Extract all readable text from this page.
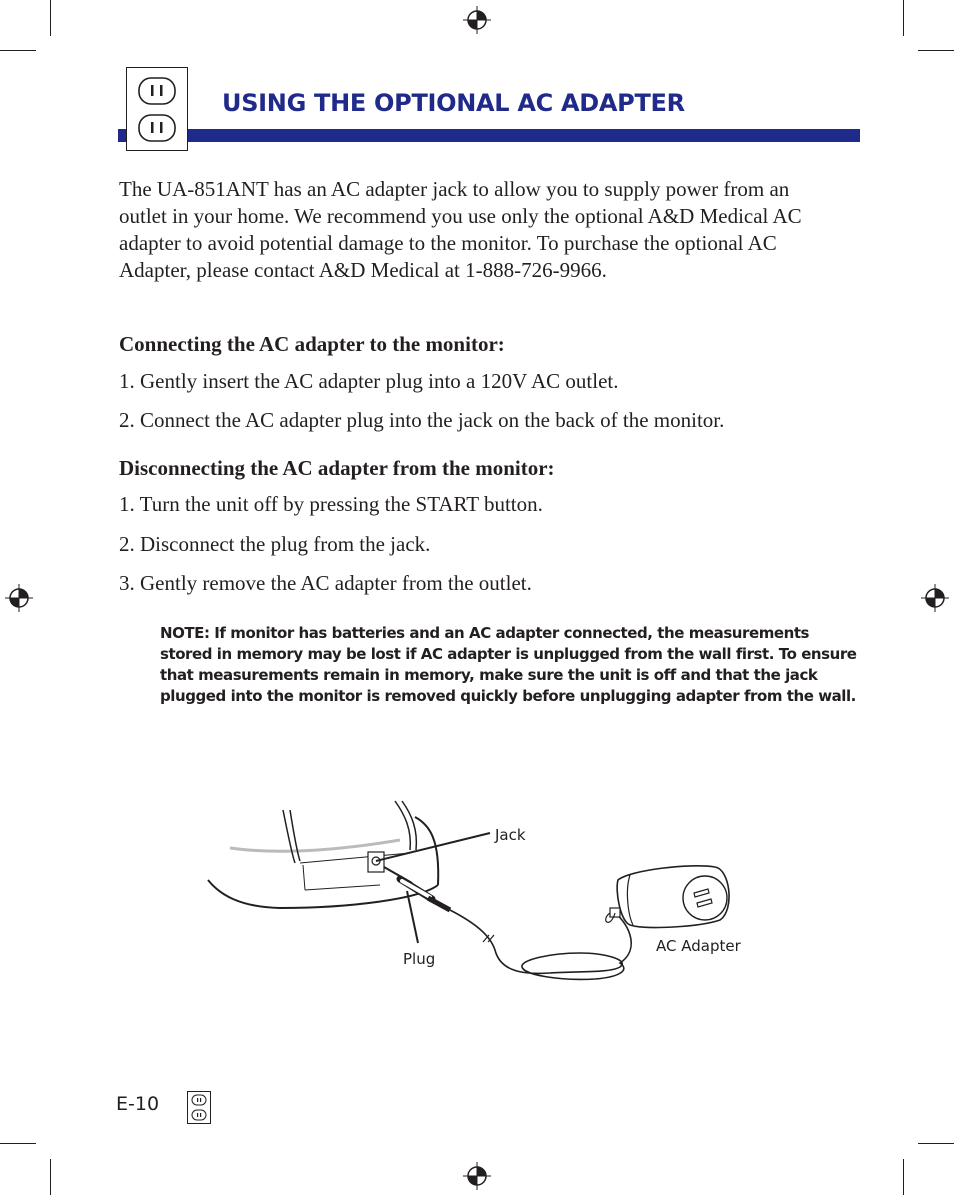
USING THE OPTIONAL AC ADAPTER
The UA-851ANT has an AC adapter jack to allow you to supply power from an outlet in your home. We recommend you use only the optional A&D Medical AC adapter to avoid potential damage to the monitor. To purchase the optional AC Adapter, please contact A&D Medical at 1-888-726-9966.
Connecting the AC adapter to the monitor:
1. Gently insert the AC adapter plug into a 120V AC outlet.
2. Connect the AC adapter plug into the jack on the back of the monitor.
Disconnecting the AC adapter from the monitor:
1. Turn the unit off by pressing the START button.
2. Disconnect the plug from the jack.
3. Gently remove the AC adapter from the outlet.
NOTE: If monitor has batteries and an AC adapter connected, the measurements stored in memory may be lost if AC adapter is unplugged from the wall first. To ensure that measurements remain in memory, make sure the unit is off and that the jack plugged into the monitor is removed quickly before unplugging adapter from the wall.
Jack
Plug
AC Adapter
E-10
